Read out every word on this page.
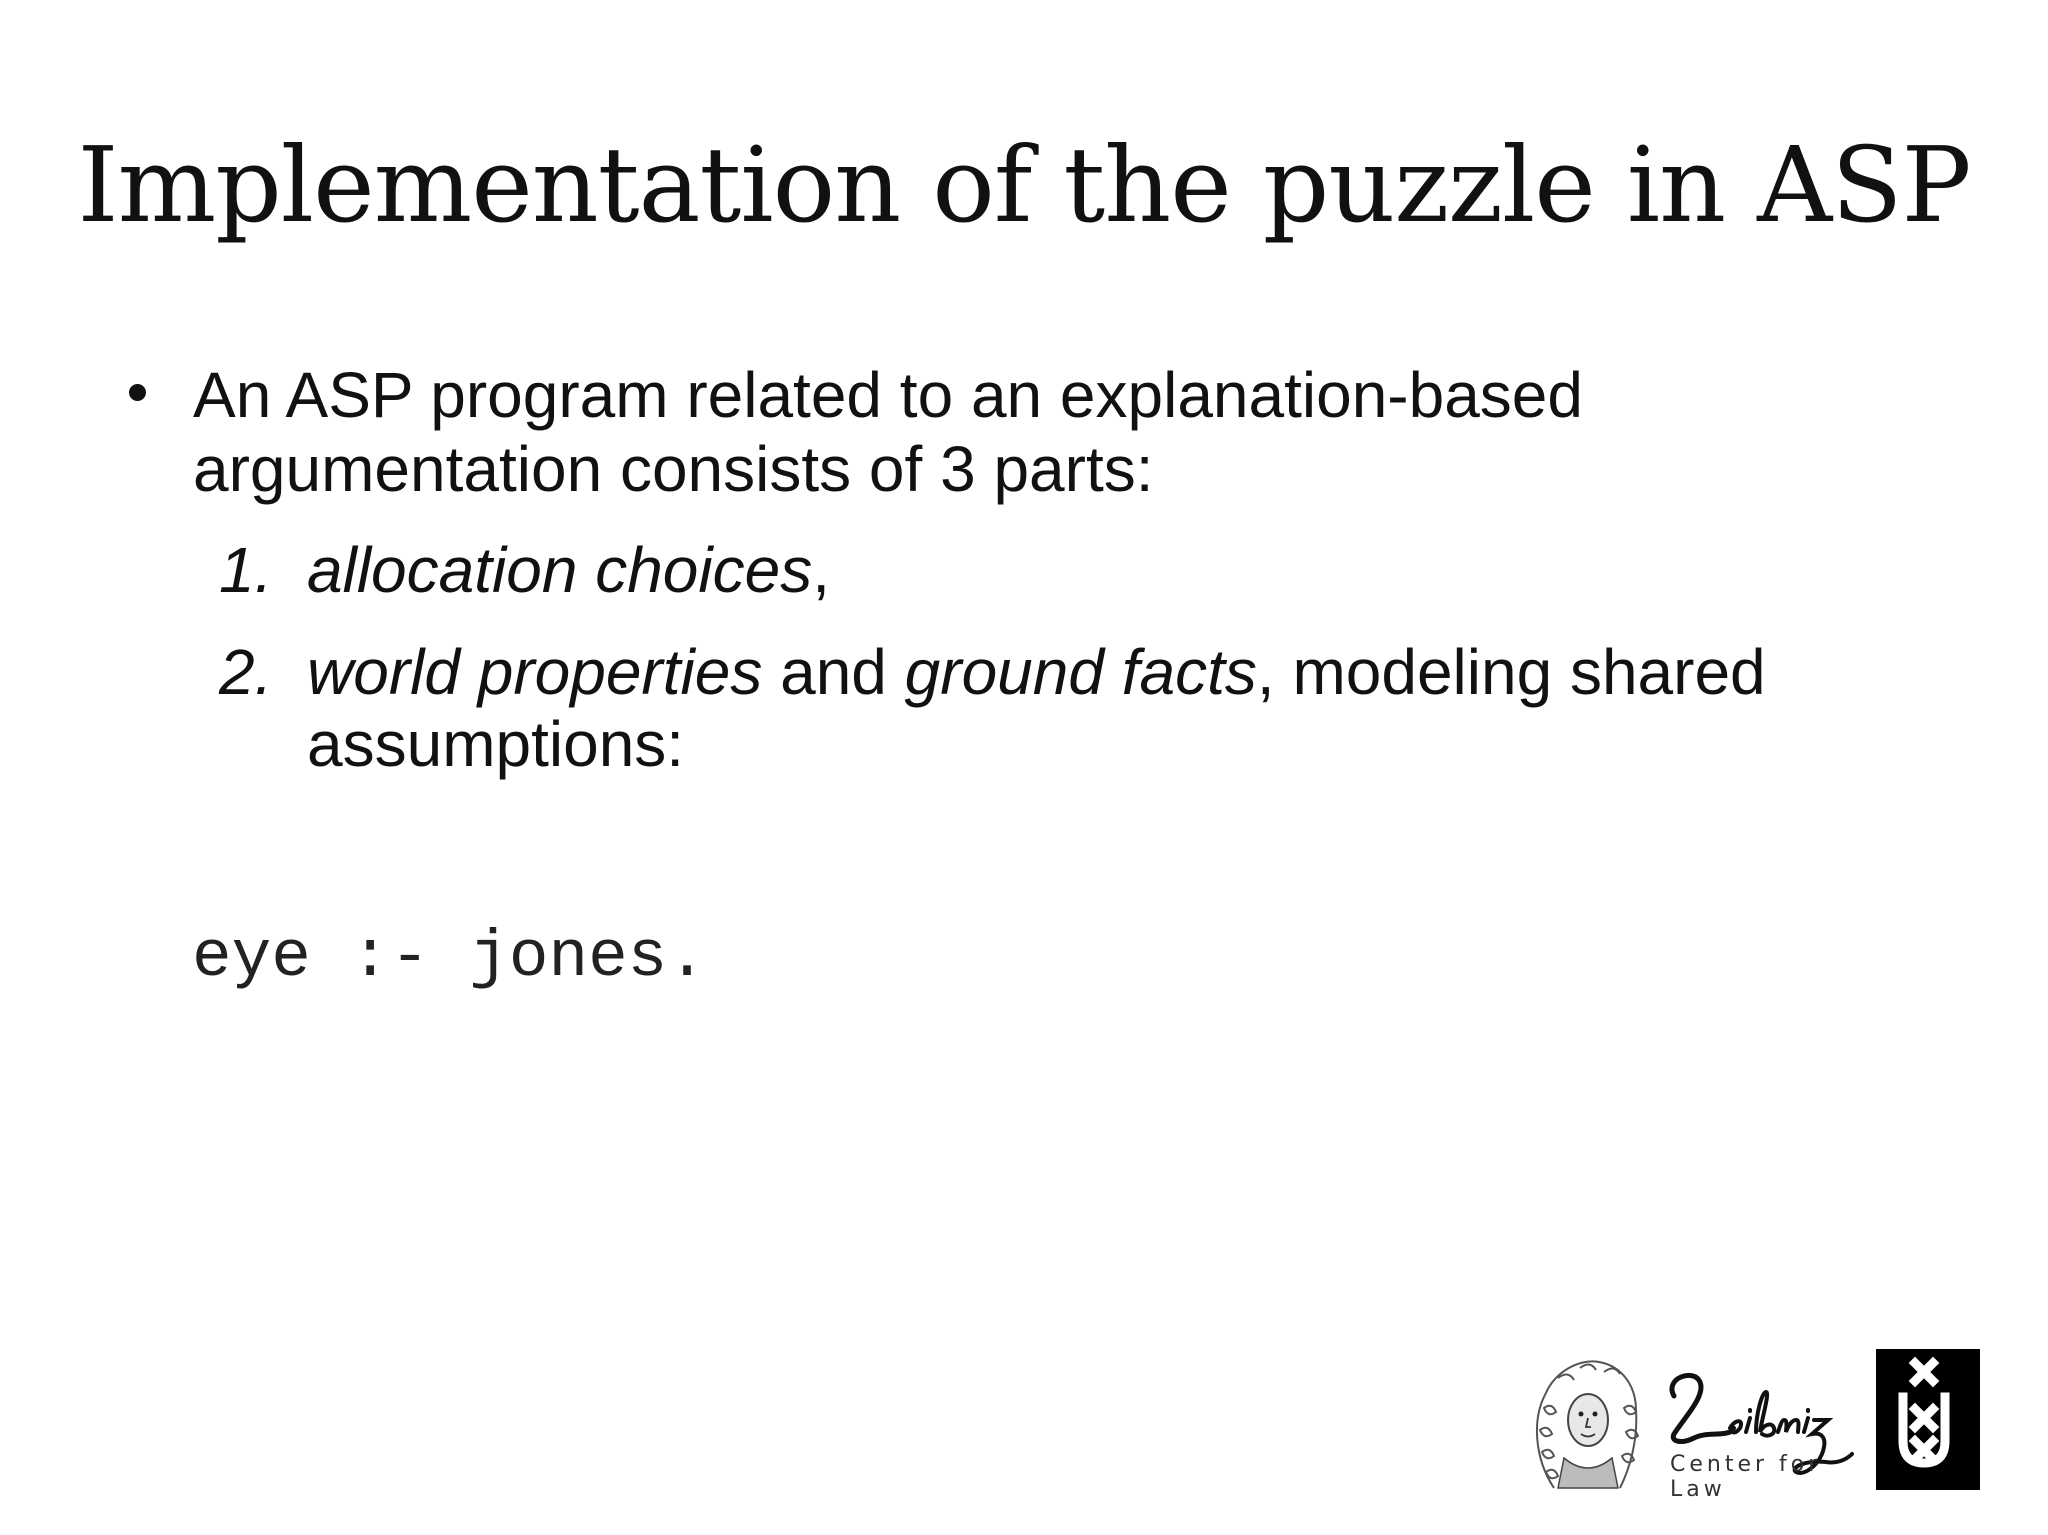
Implementation of the puzzle in ASP
An ASP program related to an explanation-based
argumentation consists of 3 parts:
1. allocation choices,
2. world properties and ground facts, modeling shared
assumptions:
eye :- jones.
Center for Law
